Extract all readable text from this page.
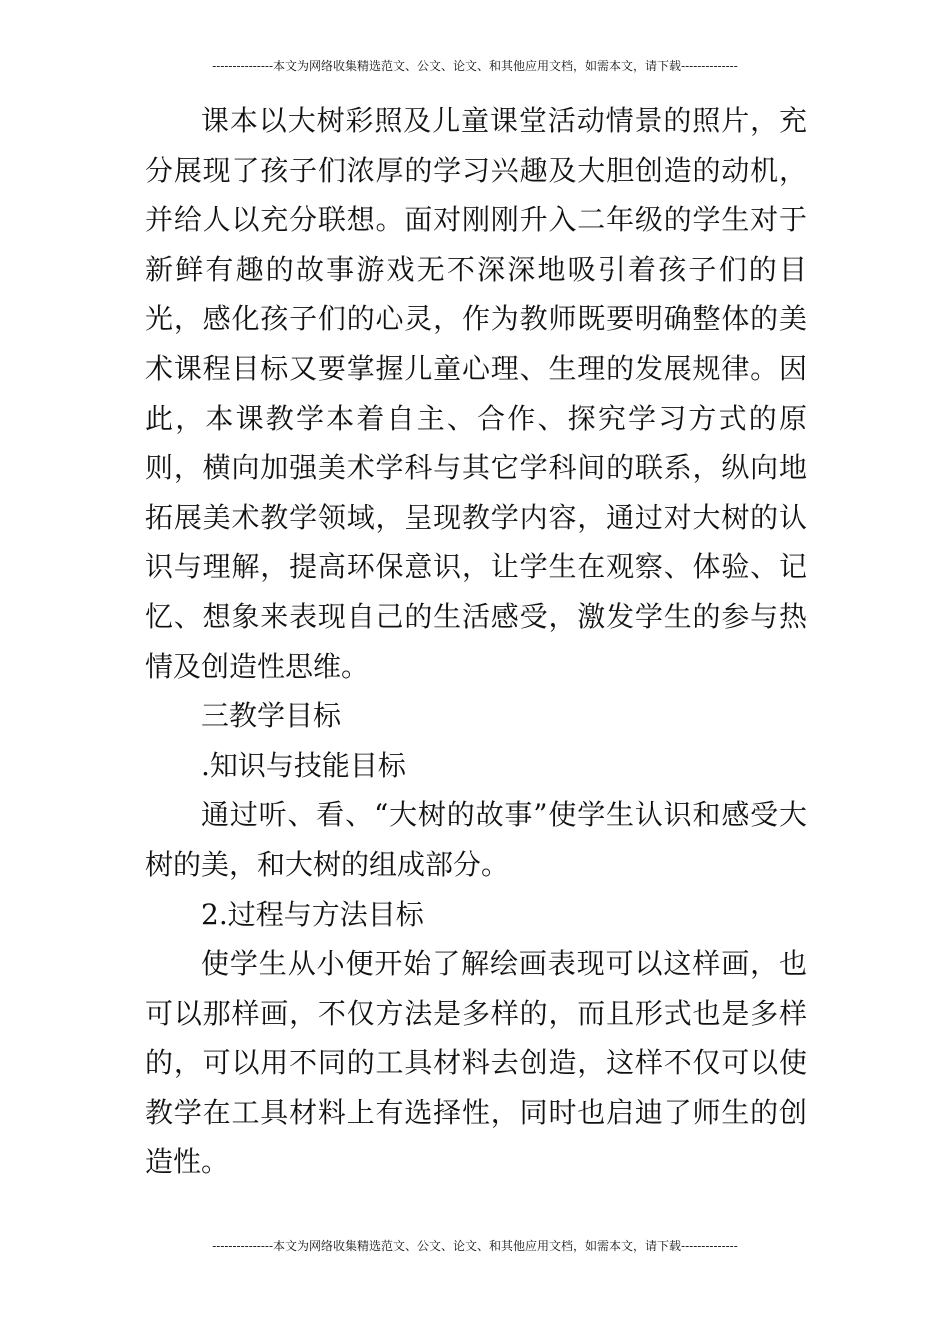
---------------本文为网络收集精选范文、公文、论文、和其他应用文档，如需本文，请下载--------------

课本以大树彩照及儿童课堂活动情景的照片，充分展现了孩子们浓厚的学习兴趣及大胆创造的动机，并给人以充分联想。面对刚刚升入二年级的学生对于新鲜有趣的故事游戏无不深深地吸引着孩子们的目光，感化孩子们的心灵，作为教师既要明确整体的美术课程目标又要掌握儿童心理、生理的发展规律。因此，本课教学本着自主、合作、探究学习方式的原则，横向加强美术学科与其它学科间的联系，纵向地拓展美术教学领域，呈现教学内容，通过对大树的认识与理解，提高环保意识，让学生在观察、体验、记忆、想象来表现自己的生活感受，激发学生的参与热情及创造性思维。

三教学目标

.知识与技能目标

通过听、看、“大树的故事”使学生认识和感受大树的美，和大树的组成部分。

2.过程与方法目标

使学生从小便开始了解绘画表现可以这样画，也可以那样画，不仅方法是多样的，而且形式也是多样的，可以用不同的工具材料去创造，这样不仅可以使教学在工具材料上有选择性，同时也启迪了师生的创造性。

---------------本文为网络收集精选范文、公文、论文、和其他应用文档，如需本文，请下载--------------
